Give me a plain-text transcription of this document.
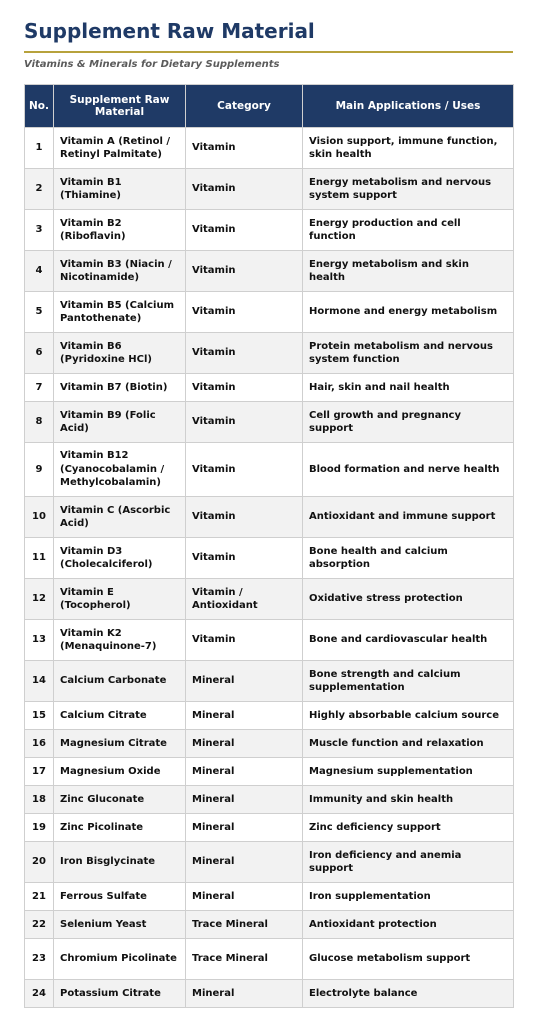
Supplement Raw Material
Vitamins & Minerals for Dietary Supplements
No.	Supplement Raw Material	Category	Main Applications / Uses
1	Vitamin A (Retinol / Retinyl Palmitate)	Vitamin	Vision support, immune function, skin health
2	Vitamin B1 (Thiamine)	Vitamin	Energy metabolism and nervous system support
3	Vitamin B2 (Riboflavin)	Vitamin	Energy production and cell function
4	Vitamin B3 (Niacin / Nicotinamide)	Vitamin	Energy metabolism and skin health
5	Vitamin B5 (Calcium Pantothenate)	Vitamin	Hormone and energy metabolism
6	Vitamin B6 (Pyridoxine HCl)	Vitamin	Protein metabolism and nervous system function
7	Vitamin B7 (Biotin)	Vitamin	Hair, skin and nail health
8	Vitamin B9 (Folic Acid)	Vitamin	Cell growth and pregnancy support
9	Vitamin B12 (Cyanocobalamin / Methylcobalamin)	Vitamin	Blood formation and nerve health
10	Vitamin C (Ascorbic Acid)	Vitamin	Antioxidant and immune support
11	Vitamin D3 (Cholecalciferol)	Vitamin	Bone health and calcium absorption
12	Vitamin E (Tocopherol)	Vitamin / Antioxidant	Oxidative stress protection
13	Vitamin K2 (Menaquinone-7)	Vitamin	Bone and cardiovascular health
14	Calcium Carbonate	Mineral	Bone strength and calcium supplementation
15	Calcium Citrate	Mineral	Highly absorbable calcium source
16	Magnesium Citrate	Mineral	Muscle function and relaxation
17	Magnesium Oxide	Mineral	Magnesium supplementation
18	Zinc Gluconate	Mineral	Immunity and skin health
19	Zinc Picolinate	Mineral	Zinc deficiency support
20	Iron Bisglycinate	Mineral	Iron deficiency and anemia support
21	Ferrous Sulfate	Mineral	Iron supplementation
22	Selenium Yeast	Trace Mineral	Antioxidant protection
23	Chromium Picolinate	Trace Mineral	Glucose metabolism support
24	Potassium Citrate	Mineral	Electrolyte balance
